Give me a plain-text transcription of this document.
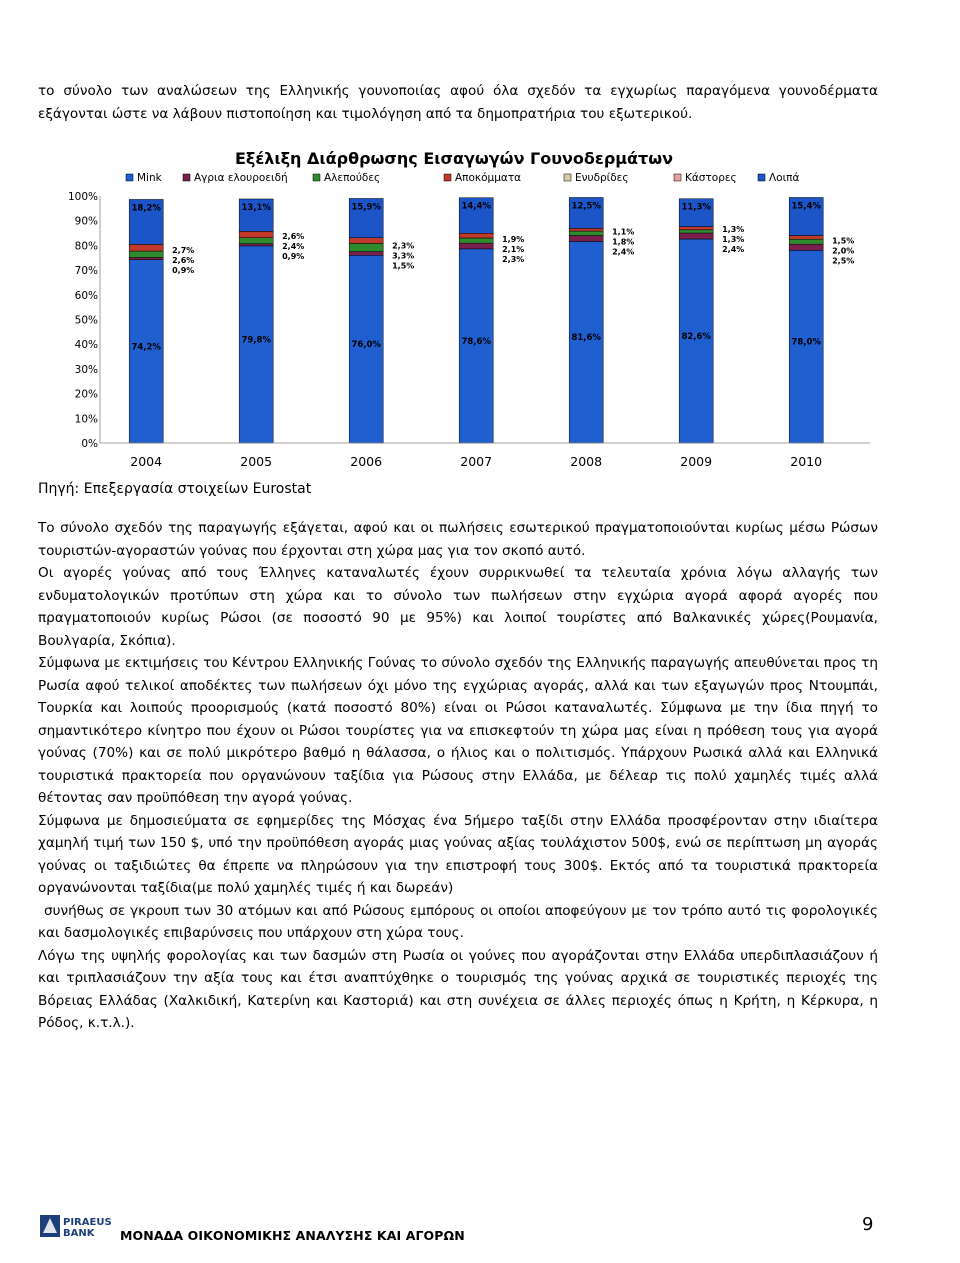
το σύνολο των αναλώσεων της Ελληνικής γουνοποιίας αφού όλα σχεδόν τα εγχωρίως παραγόμενα γουνοδέρματα εξάγονται ώστε να λάβουν πιστοποίηση και τιμολόγηση από τα δημοπρατήρια του εξωτερικού.

Εξέλιξη Διάρθρωσης Εισαγωγών Γουνοδερμάτων
Mink	Αγρια ελουροειδή	Αλεπούδες	Αποκόμματα	Ενυδρίδες	Κάστορες	Λοιπά
10%
20%
30%
40%
50%
60%
70%
80%
90%
100%
0%
74,2%
18,2%
2,7%
2,6%
0,9%
79,8%
13,1%
2,6%
2,4%
0,9%
76,0%
15,9%
2,3%
3,3%
1,5%
78,6%
14,4%
1,9%
2,1%
2,3%
81,6%
12,5%
1,1%
1,8%
2,4%
82,6%
11,3%
1,3%
1,3%
2,4%
78,0%
15,4%
1,5%
2,0%
2,5%
2004	2005	2006	2007	2008	2009	2010

Πηγή: Επεξεργασία στοιχείων Eurostat

Το σύνολο σχεδόν της παραγωγής εξάγεται, αφού και οι πωλήσεις εσωτερικού πραγματοποιούνται κυρίως μέσω Ρώσων τουριστών-αγοραστών γούνας που έρχονται στη χώρα μας για τον σκοπό αυτό.

Οι αγορές γούνας από τους Έλληνες καταναλωτές έχουν συρρικνωθεί τα τελευταία χρόνια λόγω αλλαγής των ενδυματολογικών προτύπων στη χώρα και το σύνολο των πωλήσεων στην εγχώρια αγορά αφορά αγορές που πραγματοποιούν κυρίως Ρώσοι (σε ποσοστό 90 με 95%) και λοιποί τουρίστες από Βαλκανικές χώρες(Ρουμανία, Βουλγαρία, Σκόπια).

Σύμφωνα με εκτιμήσεις του Κέντρου Ελληνικής Γούνας το σύνολο σχεδόν της Ελληνικής παραγωγής απευθύνεται προς τη Ρωσία αφού τελικοί αποδέκτες των πωλήσεων όχι μόνο της εγχώριας αγοράς, αλλά και των εξαγωγών προς Ντουμπάι, Τουρκία και λοιπούς προορισμούς (κατά ποσοστό 80%) είναι οι Ρώσοι καταναλωτές. Σύμφωνα με την ίδια πηγή το σημαντικότερο κίνητρο που έχουν οι Ρώσοι τουρίστες για να επισκεφτούν τη χώρα μας είναι η πρόθεση τους για αγορά γούνας (70%) και σε πολύ μικρότερο βαθμό η θάλασσα, ο ήλιος και ο πολιτισμός. Υπάρχουν Ρωσικά αλλά και Ελληνικά τουριστικά πρακτορεία που οργανώνουν ταξίδια για Ρώσους στην Ελλάδα, με δέλεαρ τις πολύ χαμηλές τιμές αλλά θέτοντας σαν προϋπόθεση την αγορά γούνας.

Σύμφωνα με δημοσιεύματα σε εφημερίδες της Μόσχας ένα 5ήμερο ταξίδι στην Ελλάδα προσφέρονταν στην ιδιαίτερα χαμηλή τιμή των 150 $, υπό την προϋπόθεση αγοράς μιας γούνας αξίας τουλάχιστον 500$, ενώ σε περίπτωση μη αγοράς γούνας οι ταξιδιώτες θα έπρεπε να πληρώσουν για την επιστροφή τους 300$. Εκτός από τα τουριστικά πρακτορεία οργανώνονται ταξίδια(με πολύ χαμηλές τιμές ή και δωρεάν)

συνήθως σε γκρουπ των 30 ατόμων και από Ρώσους εμπόρους οι οποίοι αποφεύγουν με τον τρόπο αυτό τις φορολογικές και δασμολογικές επιβαρύνσεις που υπάρχουν στη χώρα τους.

Λόγω της υψηλής φορολογίας και των δασμών στη Ρωσία οι γούνες που αγοράζονται στην Ελλάδα υπερδιπλασιάζουν ή και τριπλασιάζουν την αξία τους και έτσι αναπτύχθηκε ο τουρισμός της γούνας αρχικά σε τουριστικές περιοχές της Βόρειας Ελλάδας (Χαλκιδική, Κατερίνη και Καστοριά) και στη συνέχεια σε άλλες περιοχές όπως η Κρήτη, η Κέρκυρα, η Ρόδος, κ.τ.λ.).

PIRAEUS
BANK ΜΟΝΑΔΑ ΟΙΚΟΝΟΜΙΚΗΣ ΑΝΑΛΥΣΗΣ ΚΑΙ ΑΓΟΡΩΝ
9
